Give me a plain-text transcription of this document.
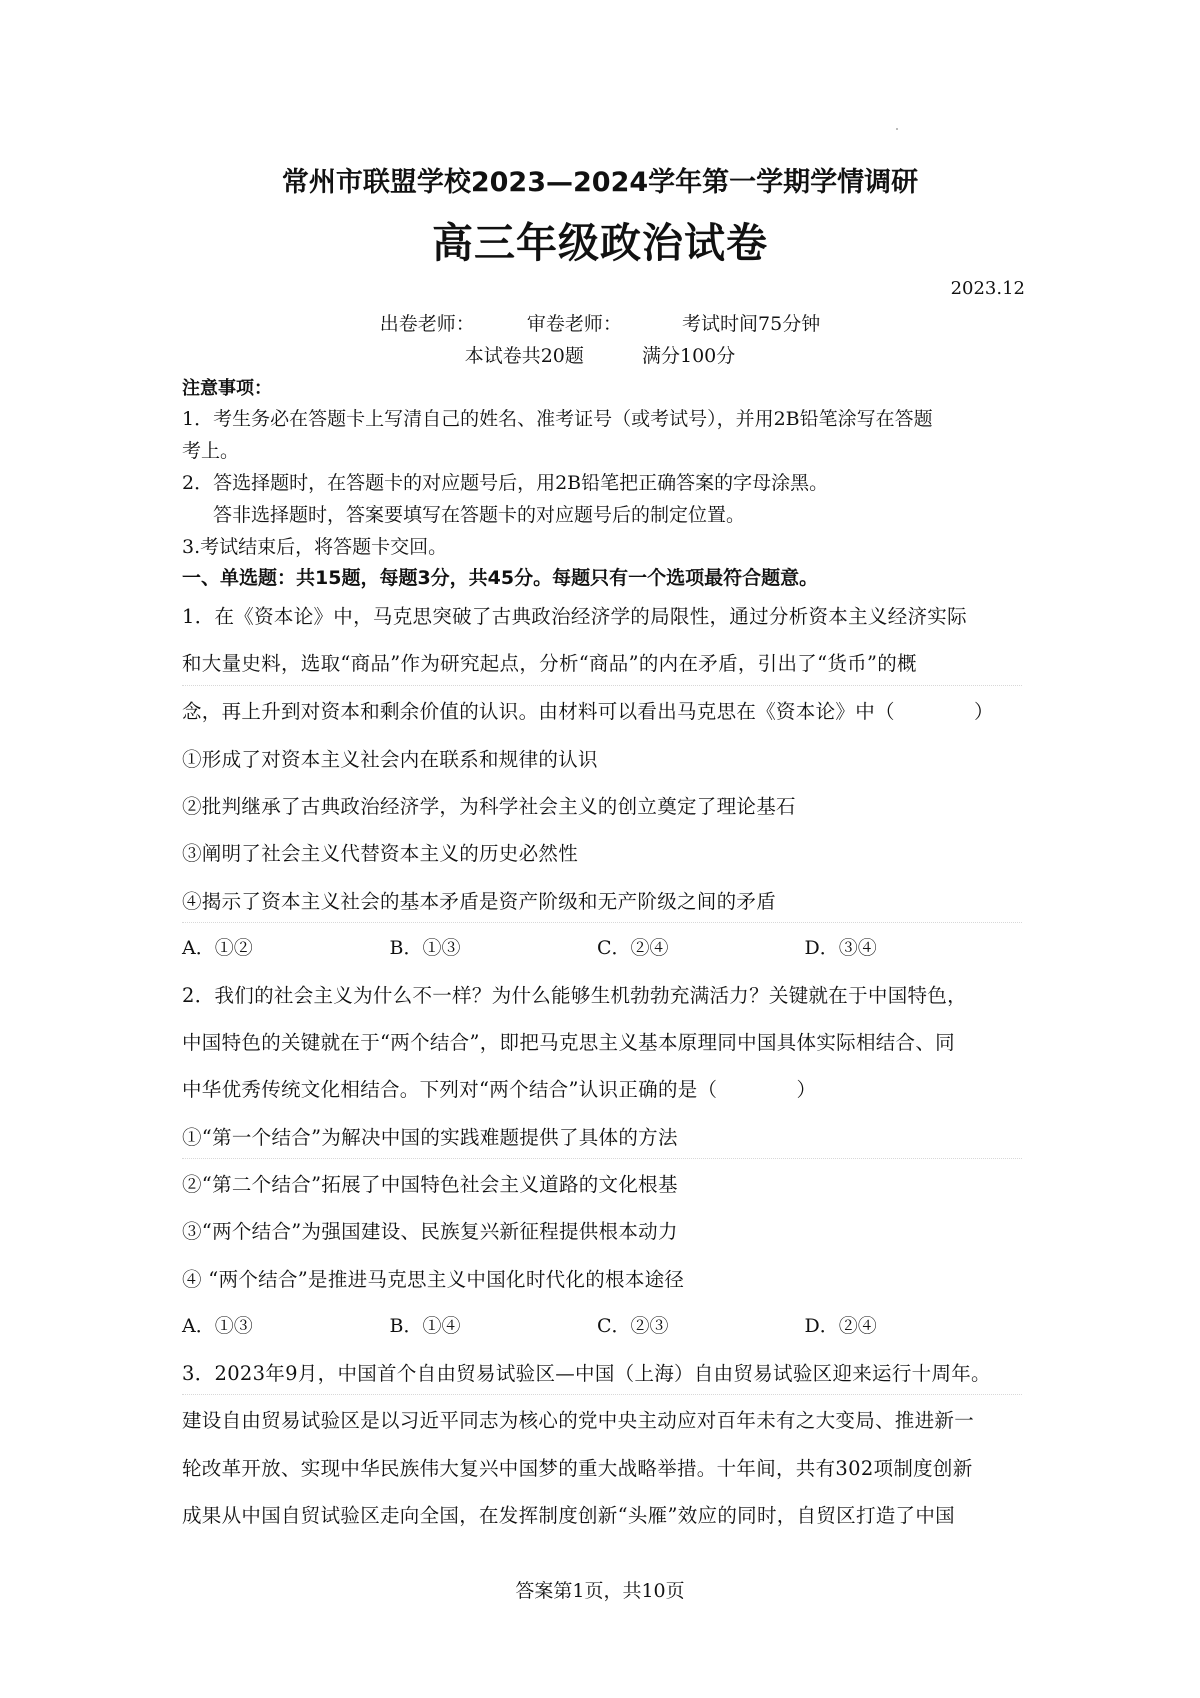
常州市联盟学校2023—2024学年第一学期学情调研
高三年级政治试卷
2023.12
出卷老师：	审卷老师：	考试时间75分钟
本试卷共20题	满分100分
注意事项：
1．考生务必在答题卡上写清自己的姓名、准考证号（或考试号），并用2B铅笔涂写在答题
考上。
2．答选择题时，在答题卡的对应题号后，用2B铅笔把正确答案的字母涂黑。
答非选择题时，答案要填写在答题卡的对应题号后的制定位置。
3.考试结束后，将答题卡交回。
一、单选题：共15题，每题3分，共45分。每题只有一个选项最符合题意。
1．在《资本论》中，马克思突破了古典政治经济学的局限性，通过分析资本主义经济实际
和大量史料，选取“商品”作为研究起点，分析“商品”的内在矛盾，引出了“货币”的概
念，再上升到对资本和剩余价值的认识。由材料可以看出马克思在《资本论》中（　　　　）
①形成了对资本主义社会内在联系和规律的认识
②批判继承了古典政治经济学，为科学社会主义的创立奠定了理论基石
③阐明了社会主义代替资本主义的历史必然性
④揭示了资本主义社会的基本矛盾是资产阶级和无产阶级之间的矛盾
A．①②	B．①③	C．②④	D．③④
2．我们的社会主义为什么不一样？为什么能够生机勃勃充满活力？关键就在于中国特色，
中国特色的关键就在于“两个结合”，即把马克思主义基本原理同中国具体实际相结合、同
中华优秀传统文化相结合。下列对“两个结合”认识正确的是（　　　　）
①“第一个结合”为解决中国的实践难题提供了具体的方法
②“第二个结合”拓展了中国特色社会主义道路的文化根基
③“两个结合”为强国建设、民族复兴新征程提供根本动力
④ “两个结合”是推进马克思主义中国化时代化的根本途径
A．①③	B．①④	C．②③	D．②④
3．2023年9月，中国首个自由贸易试验区—中国（上海）自由贸易试验区迎来运行十周年。
建设自由贸易试验区是以习近平同志为核心的党中央主动应对百年未有之大变局、推进新一
轮改革开放、实现中华民族伟大复兴中国梦的重大战略举措。十年间，共有302项制度创新
成果从中国自贸试验区走向全国，在发挥制度创新“头雁”效应的同时，自贸区打造了中国
答案第1页，共10页
